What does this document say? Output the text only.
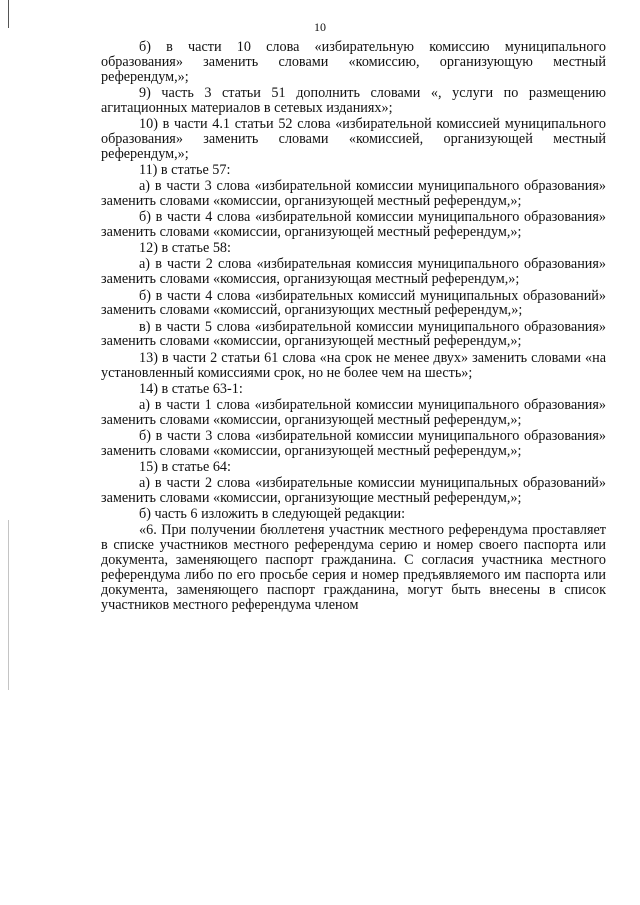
10

б) в части 10 слова «избирательную комиссию муниципального образования» заменить словами «комиссию, организующую местный референдум,»;

9) часть 3 статьи 51 дополнить словами «, услуги по размещению агитационных материалов в сетевых изданиях»;

10) в части 4.1 статьи 52 слова «избирательной комиссией муниципального образования» заменить словами «комиссией, организующей местный референдум,»;

11) в статье 57:

а) в части 3 слова «избирательной комиссии муниципального образования» заменить словами «комиссии, организующей местный референдум,»;

б) в части 4 слова «избирательной комиссии муниципального образования» заменить словами «комиссии, организующей местный референдум,»;

12) в статье 58:

а) в части 2 слова «избирательная комиссия муниципального образования» заменить словами «комиссия, организующая местный референдум,»;

б) в части 4 слова «избирательных комиссий муниципальных образований» заменить словами «комиссий, организующих местный референдум,»;

в) в части 5 слова «избирательной комиссии муниципального образования» заменить словами «комиссии, организующей местный референдум,»;

13) в части 2 статьи 61 слова «на срок не менее двух» заменить словами «на установленный комиссиями срок, но не более чем на шесть»;

14) в статье 63-1:

а) в части 1 слова «избирательной комиссии муниципального образования» заменить словами «комиссии, организующей местный референдум,»;

б) в части 3 слова «избирательной комиссии муниципального образования» заменить словами «комиссии, организующей местный референдум,»;

15) в статье 64:

а) в части 2 слова «избирательные комиссии муниципальных образований» заменить словами «комиссии, организующие местный референдум,»;

б) часть 6 изложить в следующей редакции:

«6. При получении бюллетеня участник местного референдума проставляет в списке участников местного референдума серию и номер своего паспорта или документа, заменяющего паспорт гражданина. С согласия участника местного референдума либо по его просьбе серия и номер предъявляемого им паспорта или документа, заменяющего паспорт гражданина, могут быть внесены в список участников местного референдума членом
